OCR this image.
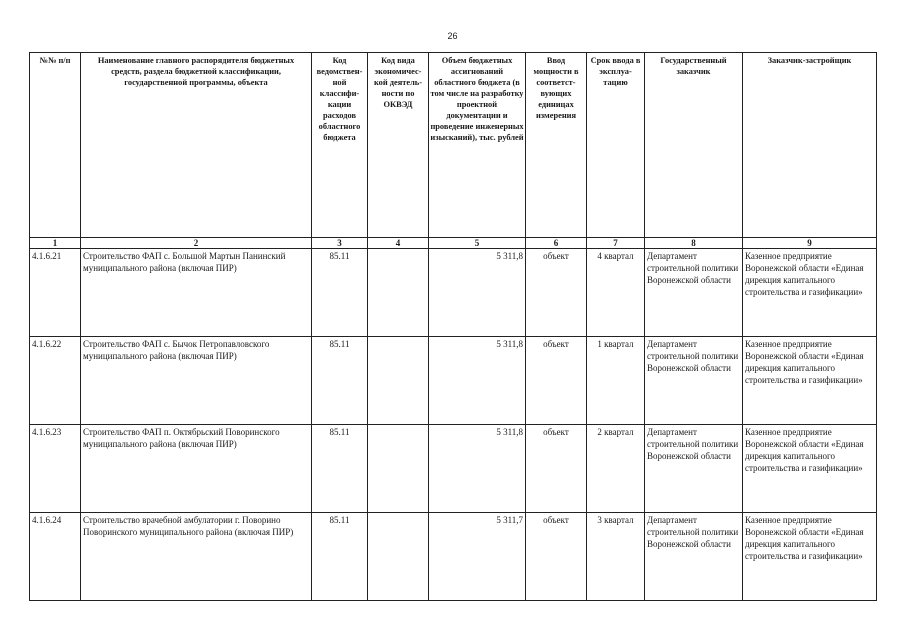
26
№№ п/п	Наименование главного распорядителя бюджетных средств, раздела бюджетной классификации, государственной программы, объекта	Код ведомствен-ной классифи-кации расходов областного бюджета	Код вида экономичес-кой деятель-ности по ОКВЭД	Объем бюджетных ассигнований областного бюджета (в том числе на разработку проектной документации и проведение инженерных изысканий), тыс. рублей	Ввод мощности в соответст-вующих единицах измерения	Срок ввода в эксплуа-тацию	Государственный заказчик	Заказчик-застройщик
1	2	3	4	5	6	7	8	9
4.1.6.21	Строительство ФАП с. Большой Мартын Панинский муниципального района (включая ПИР)	85.11		5 311,8	объект	4 квартал	Департамент строительной политики Воронежской области	Казенное предприятие Воронежской области «Единая дирекция капитального строительства и газификации»
4.1.6.22	Строительство ФАП с. Бычок Петропавловского муниципального района (включая ПИР)	85.11		5 311,8	объект	1 квартал	Департамент строительной политики Воронежской области	Казенное предприятие Воронежской области «Единая дирекция капитального строительства и газификации»
4.1.6.23	Строительство ФАП п. Октябрьский Поворинского муниципального района (включая ПИР)	85.11		5 311,8	объект	2 квартал	Департамент строительной политики Воронежской области	Казенное предприятие Воронежской области «Единая дирекция капитального строительства и газификации»
4.1.6.24	Строительство врачебной амбулатории г. Поворино Поворинского муниципального района (включая ПИР)	85.11		5 311,7	объект	3 квартал	Департамент строительной политики Воронежской области	Казенное предприятие Воронежской области «Единая дирекция капитального строительства и газификации»
